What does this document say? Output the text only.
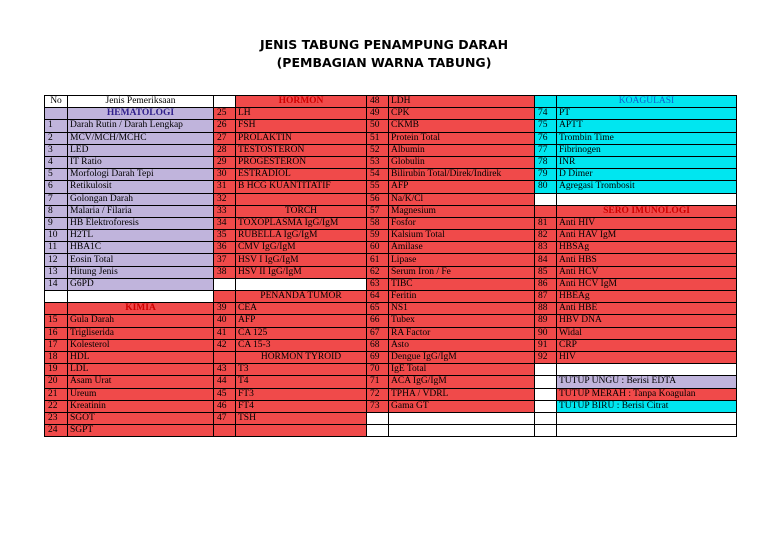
JENIS TABUNG PENAMPUNG DARAH
(PEMBAGIAN WARNA TABUNG)
No	Jenis Pemeriksaan		HORMON	48	LDH		KOAGULASI
	HEMATOLOGI	25	LH	49	CPK	74	PT
1	Darah Rutin / Darah Lengkap	26	FSH	50	CKMB	75	APTT
2	MCV/MCH/MCHC	27	PROLAKTIN	51	Protein Total	76	Trombin Time
3	LED	28	TESTOSTERON	52	Albumin	77	Fibrinogen
4	IT Ratio	29	PROGESTERON	53	Globulin	78	INR
5	Morfologi Darah Tepi	30	ESTRADIOL	54	Bilirubin Total/Direk/Indirek	79	D Dimer
6	Retikulosit	31	B HCG KUANTITATIF	55	AFP	80	Agregasi Trombosit
7	Golongan Darah	32		56	Na/K/Cl		
8	Malaria / Filaria	33	TORCH	57	Magnesium		SERO IMUNOLOGI
9	HB Elektroforesis	34	TOXOPLASMA IgG/IgM	58	Fosfor	81	Anti HIV
10	H2TL	35	RUBELLA IgG/IgM	59	Kalsium Total	82	Anti HAV IgM
11	HBA1C	36	CMV IgG/IgM	60	Amilase	83	HBSAg
12	Eosin Total	37	HSV I IgG/IgM	61	Lipase	84	Anti HBS
13	Hitung Jenis	38	HSV II IgG/IgM	62	Serum Iron / Fe	85	Anti HCV
14	G6PD			63	TIBC	86	Anti HCV IgM
			PENANDA TUMOR	64	Feritin	87	HBEAg
	KIMIA	39	CEA	65	NS1	88	Anti HBE
15	Gula Darah	40	AFP	66	Tubex	89	HBV DNA
16	Trigliserida	41	CA 125	67	RA Factor	90	Widal
17	Kolesterol	42	CA 15-3	68	Asto	91	CRP
18	HDL		HORMON TYROID	69	Dengue IgG/IgM	92	HIV
19	LDL	43	T3	70	IgE Total		
20	Asam Urat	44	T4	71	ACA IgG/IgM		TUTUP UNGU : Berisi EDTA
21	Ureum	45	FT3	72	TPHA / VDRL		TUTUP MERAH : Tanpa Koagulan
22	Kreatinin	46	FT4	73	Gama GT		TUTUP BIRU : Berisi Citrat
23	SGOT	47	TSH				
24	SGPT						
